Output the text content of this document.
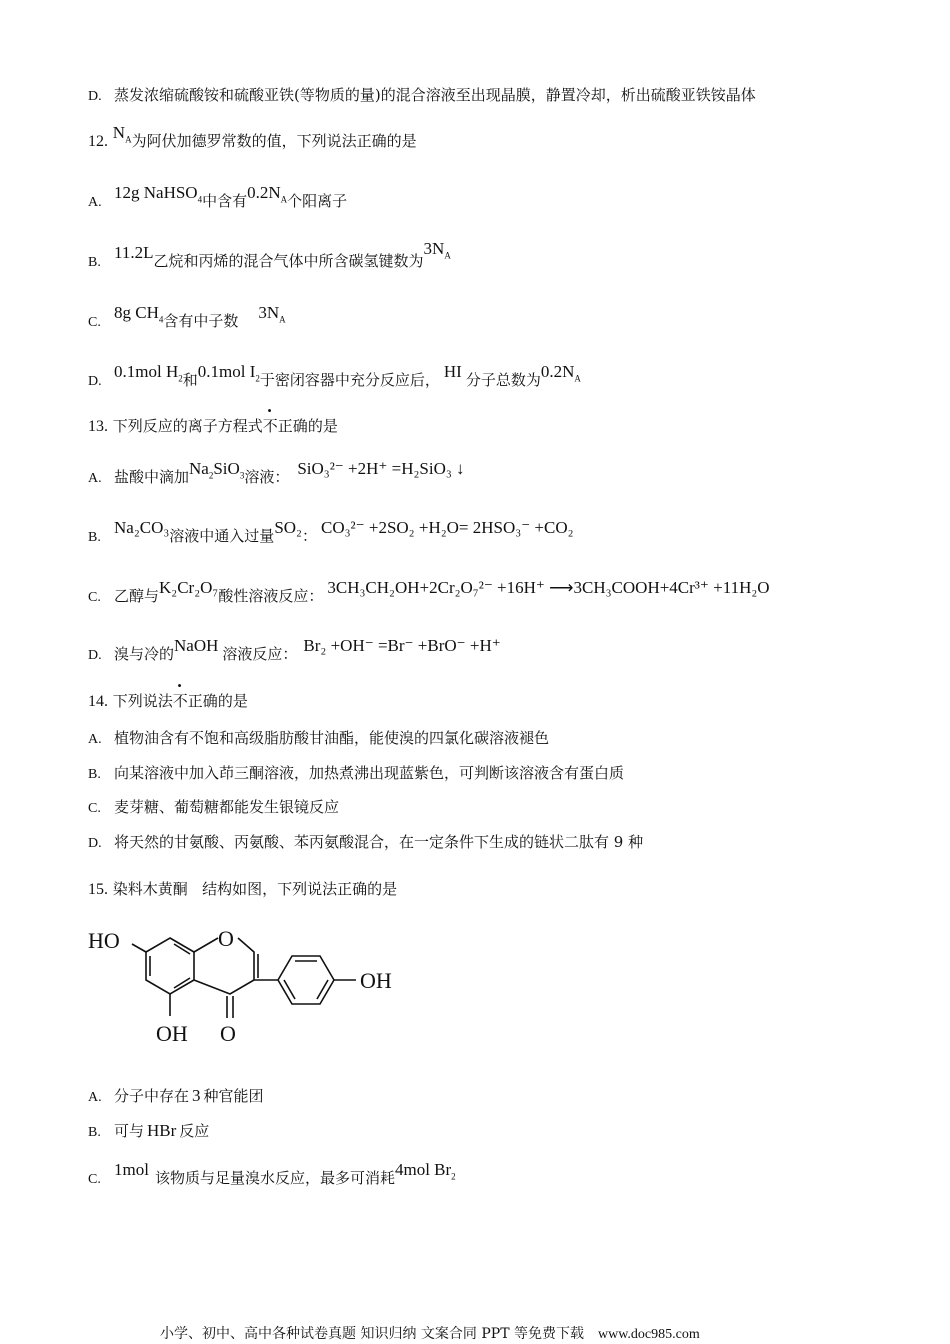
D. 蒸发浓缩硫酸铵和硫酸亚铁(等物质的量)的混合溶液至出现晶膜，静置冷却，析出硫酸亚铁铵晶体
12. $N_A$为阿伏加德罗常数的值，下列说法正确的是
A.12g NaHSO$_4$中含有$0.2N_A$个阳离子
B.11.2L乙烷和丙烯的混合气体中所含碳氢键数为$3N_A$
C.8g $CH_4$含有中子数 $3N_A$
D.0.1mol $H_2$和0.1mol $I_2$于密闭容器中充分反应后， HI 分子总数为$0.2N_A$
13. 下列反应的离子方程式不正确的是
A. 盐酸中滴加$Na_2SiO_3$溶液： SiO₃²⁻ +2H⁺ =H₂SiO₃ ↓
B.Na₂CO₃溶液中通入过量SO₂： CO₃²⁻ +2SO₂ +H₂O= 2HSO₃⁻ +CO₂
C. 乙醇与K₂Cr₂O₇酸性溶液反应： 3CH₃CH₂OH+2Cr₂O₇²⁻ +16H⁺ ⟶3CH₃COOH+4Cr³⁺ +11H₂O
D. 溴与冷的NaOH 溶液反应： Br₂ +OH⁻ =Br⁻ +BrO⁻ +H⁺
14. 下列说法不正确的是
A. 植物油含有不饱和高级脂肪酸甘油酯，能使溴的四氯化碳溶液褪色
B. 向某溶液中加入茚三酮溶液，加热煮沸出现蓝紫色，可判断该溶液含有蛋白质
C. 麦芽糖、葡萄糖都能发生银镜反应
D. 将天然的甘氨酸、丙氨酸、苯丙氨酸混合，在一定条件下生成的链状二肽有 9 种
15. 染料木黄酮   结构如图，下列说法正确的是
HO	O
OH
OH O
A. 分子中存在 3 种官能团
B. 可与 HBr 反应
C.1mol 该物质与足量溴水反应，最多可消耗4mol $Br_2$
小学、初中、高中各种试卷真题 知识归纳 文案合同 PPT 等免费下载 www.doc985.com
